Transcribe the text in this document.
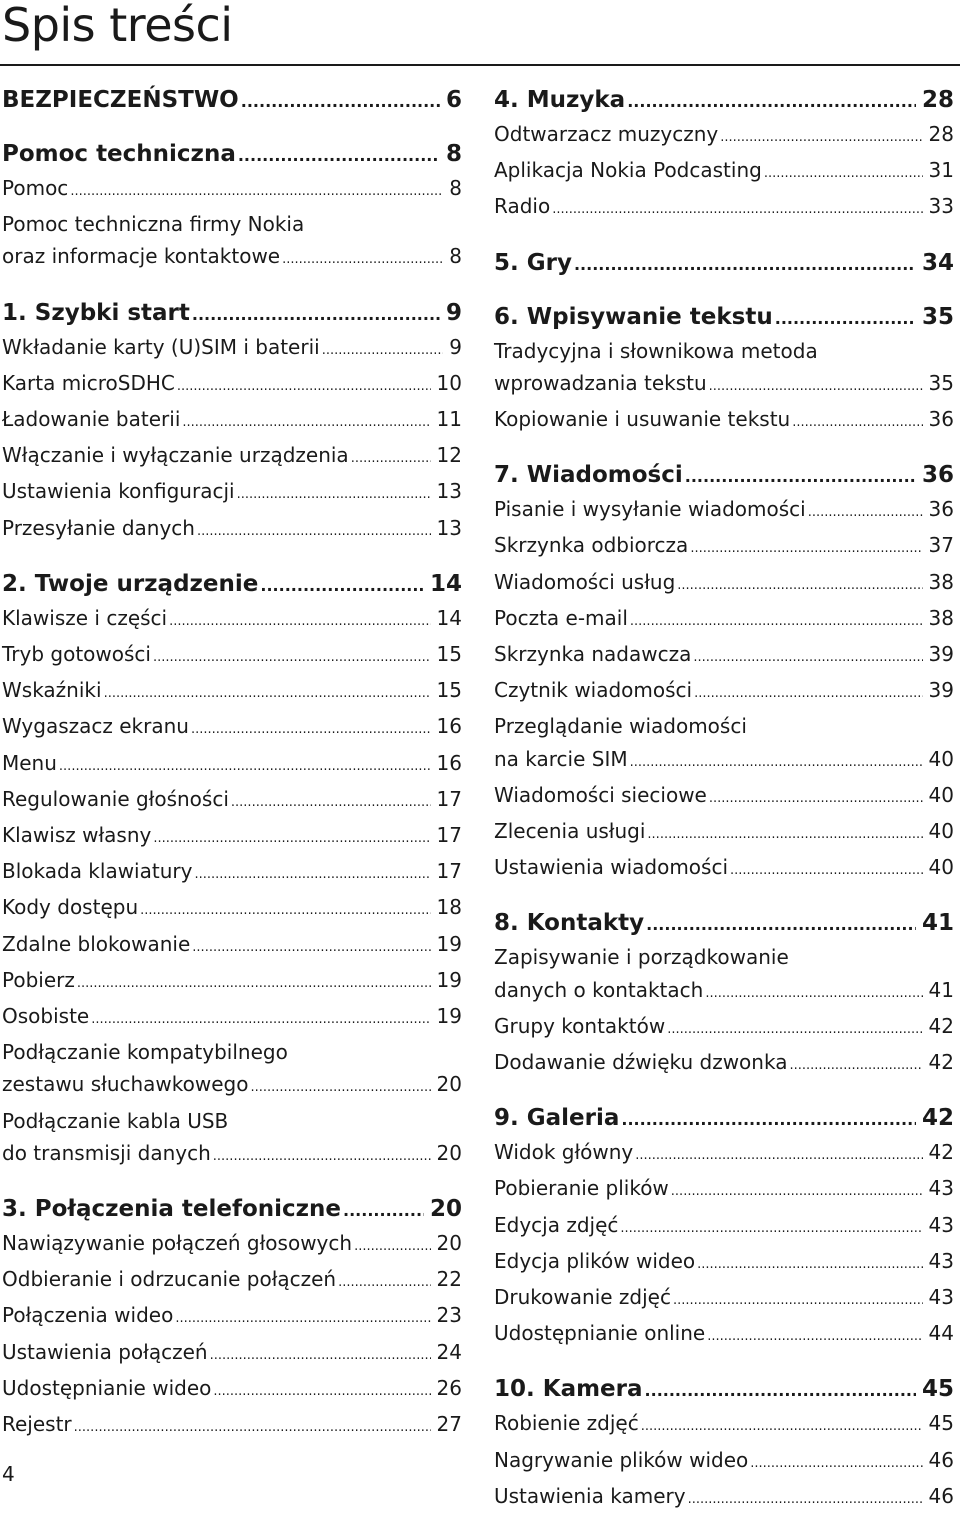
Spis treści
BEZPIECZEŃSTWO .....	6
Pomoc techniczna .....	8
Pomoc .....	8
Pomoc techniczna firmy Nokia
oraz informacje kontaktowe .....	8
1. Szybki start .....	9
Wkładanie karty (U)SIM i baterii .....	9
Karta microSDHC .....	10
Ładowanie baterii .....	11
Włączanie i wyłączanie urządzenia .....	12
Ustawienia konfiguracji .....	13
Przesyłanie danych .....	13
2. Twoje urządzenie .....	14
Klawisze i części .....	14
Tryb gotowości .....	15
Wskaźniki .....	15
Wygaszacz ekranu .....	16
Menu .....	16
Regulowanie głośności .....	17
Klawisz własny .....	17
Blokada klawiatury .....	17
Kody dostępu .....	18
Zdalne blokowanie .....	19
Pobierz .....	19
Osobiste .....	19
Podłączanie kompatybilnego
zestawu słuchawkowego .....	20
Podłączanie kabla USB
do transmisji danych .....	20
3. Połączenia telefoniczne .....	20
Nawiązywanie połączeń głosowych .....	20
Odbieranie i odrzucanie połączeń .....	22
Połączenia wideo .....	23
Ustawienia połączeń .....	24
Udostępnianie wideo .....	26
Rejestr .....	27
4. Muzyka .....	28
Odtwarzacz muzyczny .....	28
Aplikacja Nokia Podcasting .....	31
Radio .....	33
5. Gry .....	34
6. Wpisywanie tekstu .....	35
Tradycyjna i słownikowa metoda
wprowadzania tekstu .....	35
Kopiowanie i usuwanie tekstu .....	36
7. Wiadomości .....	36
Pisanie i wysyłanie wiadomości .....	36
Skrzynka odbiorcza .....	37
Wiadomości usług .....	38
Poczta e-mail .....	38
Skrzynka nadawcza .....	39
Czytnik wiadomości .....	39
Przeglądanie wiadomości
na karcie SIM .....	40
Wiadomości sieciowe .....	40
Zlecenia usługi .....	40
Ustawienia wiadomości .....	40
8. Kontakty .....	41
Zapisywanie i porządkowanie
danych o kontaktach .....	41
Grupy kontaktów .....	42
Dodawanie dźwięku dzwonka .....	42
9. Galeria .....	42
Widok główny .....	42
Pobieranie plików .....	43
Edycja zdjęć .....	43
Edycja plików wideo .....	43
Drukowanie zdjęć .....	43
Udostępnianie online .....	44
10. Kamera .....	45
Robienie zdjęć .....	45
Nagrywanie plików wideo .....	46
Ustawienia kamery .....	46
4
